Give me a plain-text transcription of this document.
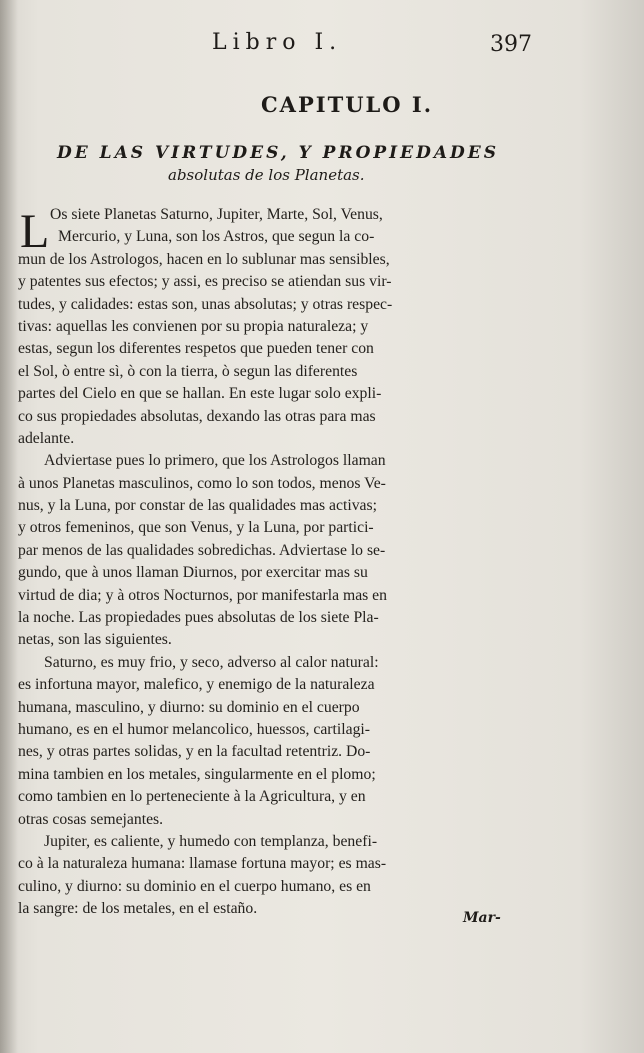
Libro I.	397
CAPITULO I.
DE LAS VIRTUDES, Y PROPIEDADES
absolutas de los Planetas.
L Os siete Planetas Saturno, Jupiter, Marte, Sol, Venus,
Mercurio, y Luna, son los Astros, que segun la co-
mun de los Astrologos, hacen en lo sublunar mas sensibles,
y patentes sus efectos; y assi, es preciso se atiendan sus vir-
tudes, y calidades: estas son, unas absolutas; y otras respec-
tivas: aquellas les convienen por su propia naturaleza; y
estas, segun los diferentes respetos que pueden tener con
el Sol, ò entre sì, ò con la tierra, ò segun las diferentes
partes del Cielo en que se hallan. En este lugar solo expli-
co sus propiedades absolutas, dexando las otras para mas
adelante.
Adviertase pues lo primero, que los Astrologos llaman
à unos Planetas masculinos, como lo son todos, menos Ve-
nus, y la Luna, por constar de las qualidades mas activas;
y otros femeninos, que son Venus, y la Luna, por partici-
par menos de las qualidades sobredichas. Adviertase lo se-
gundo, que à unos llaman Diurnos, por exercitar mas su
virtud de dia; y à otros Nocturnos, por manifestarla mas en
la noche. Las propiedades pues absolutas de los siete Pla-
netas, son las siguientes.
Saturno, es muy frio, y seco, adverso al calor natural:
es infortuna mayor, malefico, y enemigo de la naturaleza
humana, masculino, y diurno: su dominio en el cuerpo
humano, es en el humor melancolico, huessos, cartilagi-
nes, y otras partes solidas, y en la facultad retentriz. Do-
mina tambien en los metales, singularmente en el plomo;
como tambien en lo perteneciente à la Agricultura, y en
otras cosas semejantes.
Jupiter, es caliente, y humedo con templanza, benefi-
co à la naturaleza humana: llamase fortuna mayor; es mas-
culino, y diurno: su dominio en el cuerpo humano, es en
la sangre: de los metales, en el estaño.
Mar-
